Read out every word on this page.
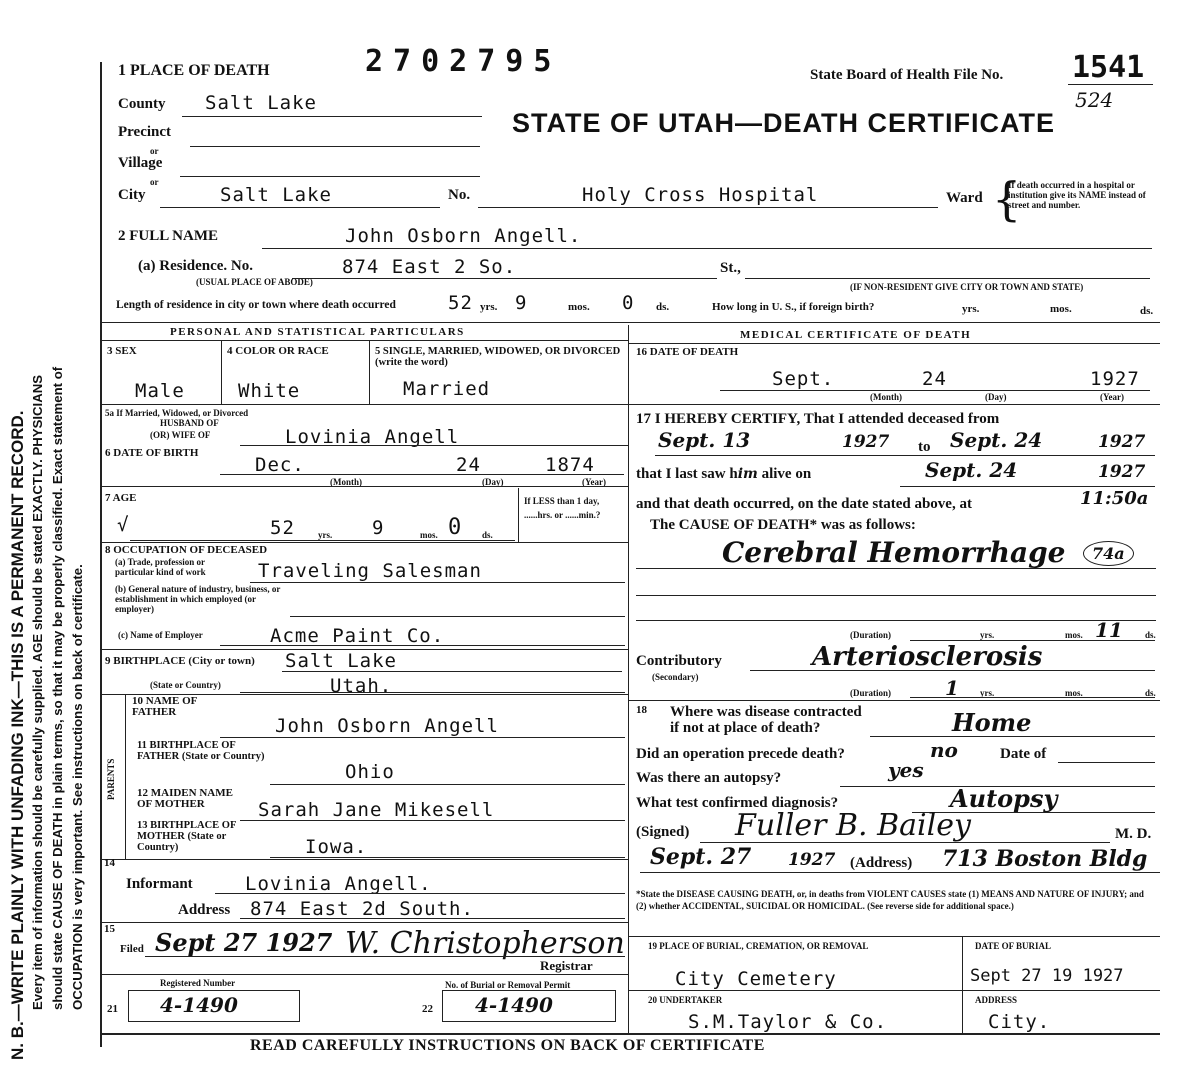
N. B.—WRITE PLAINLY WITH UNFADING INK—THIS IS A PERMANENT RECORD. Every item of information should be carefully supplied. AGE should be stated EXACTLY. PHYSICIANS should state CAUSE OF DEATH in plain terms, so that it may be properly classified. Exact statement of OCCUPATION is very important. See instructions on back of certificate.
1 PLACE OF DEATH	2702795	State Board of Health File No. 1541
524
STATE OF UTAH—DEATH CERTIFICATE
County Salt Lake
Precinct
or
Village
or
City	Salt Lake	No.	Holy Cross Hospital	Ward {
If death occurred in a hospital or institution give its NAME instead of street and number.
2 FULL NAME	John Osborn Angell.
(a) Residence. No.
(USUAL PLACE OF ABODE)
874 East 2 So.	St.,
(IF NON-RESIDENT GIVE CITY OR TOWN AND STATE)
Length of residence in city or town where death occurred	52 yrs. 9	mos. 0 ds.	How long in U. S., if foreign birth?	yrs.	mos.	ds.
PERSONAL AND STATISTICAL PARTICULARS	MEDICAL CERTIFICATE OF DEATH
3 SEX
Male
4 COLOR OR RACE
White
5 SINGLE, MARRIED, WIDOWED, OR DIVORCED (write the word)
Married
5a If Married, Widowed, or Divorced
HUSBAND OF
(OR) WIFE OF	Lovinia Angell
6 DATE OF BIRTH
Dec.	24	1874
(Month)	(Day)	(Year)
7 AGE
√	52	yrs. 9	mos. 0 ds.
If LESS than 1 day, ......hrs. or ......min.?
8 OCCUPATION OF DECEASED
(a) Trade, profession or particular kind of work	Traveling Salesman
(b) General nature of industry, business, or establishment in which employed (or employer)
(c) Name of Employer	Acme Paint Co.
9 BIRTHPLACE (City or town) Salt Lake
(State or Country)	Utah.
PARENTS
10 NAME OF FATHER
John Osborn Angell
11 BIRTHPLACE OF FATHER (State or Country)
Ohio
12 MAIDEN NAME OF MOTHER	Sarah Jane Mikesell
13 BIRTHPLACE OF MOTHER (State or Country)	Iowa.
14
Informant	Lovinia Angell.
Address 874 East 2d South.
15
Filed Sept 27 1927 W. Christopherson
Registrar
Registered Number
21 4-1490
No. of Burial or Removal Permit
22 4-1490
16 DATE OF DEATH
Sept.	24	1927
(Month)	(Day)	(Year)
17 I HEREBY CERTIFY, That I attended deceased from
Sept. 13	1927 to Sept. 24	1927
that I last saw him alive on	Sept. 24	1927
and that death occurred, on the date stated above, at	11:50a
The CAUSE OF DEATH* was as follows:
Cerebral Hemorrhage	74a
(Duration)	yrs.	mos. 11 ds.
Contributory
(Secondary)
Arteriosclerosis
(Duration)	1 yrs.	mos.	ds.
18 Where was disease contracted
if not at place of death?	Home
Did an operation precede death?	no	Date of
Was there an autopsy?	yes
What test confirmed diagnosis?	Autopsy
(Signed) Fuller B. Bailey	M. D.
Sept. 27 1927 (Address) 713 Boston Bldg
*State the DISEASE CAUSING DEATH, or, in deaths from VIOLENT CAUSES state (1) MEANS AND NATURE OF INJURY; and (2) whether ACCIDENTAL, SUICIDAL OR HOMICIDAL. (See reverse side for additional space.)
19 PLACE OF BURIAL, CREMATION, OR REMOVAL
City Cemetery
DATE OF BURIAL
Sept 27 19 1927
20 UNDERTAKER
S.M.Taylor & Co.
ADDRESS
City.
READ CAREFULLY INSTRUCTIONS ON BACK OF CERTIFICATE
